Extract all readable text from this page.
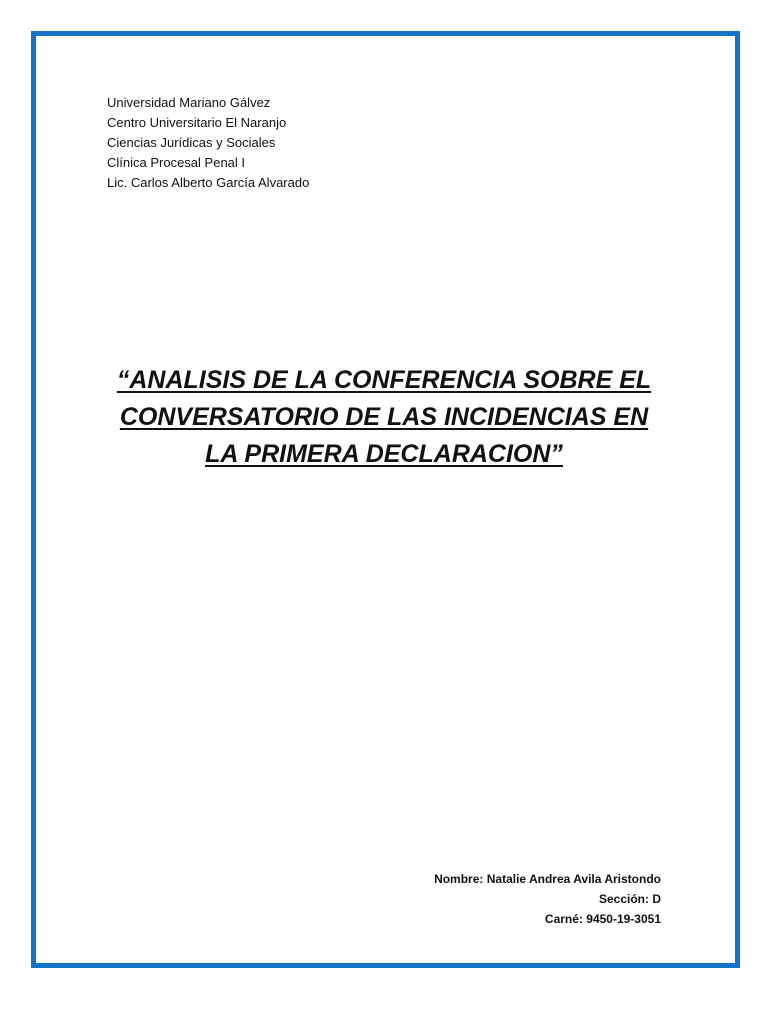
Universidad Mariano Gálvez
Centro Universitario El Naranjo
Ciencias Jurídicas y Sociales
Clínica Procesal Penal I
Lic. Carlos Alberto García Alvarado
“ANALISIS DE LA CONFERENCIA SOBRE EL
CONVERSATORIO DE LAS INCIDENCIAS EN
LA PRIMERA DECLARACION”
Nombre: Natalie Andrea Avila Aristondo
Sección: D
Carné: 9450-19-3051
